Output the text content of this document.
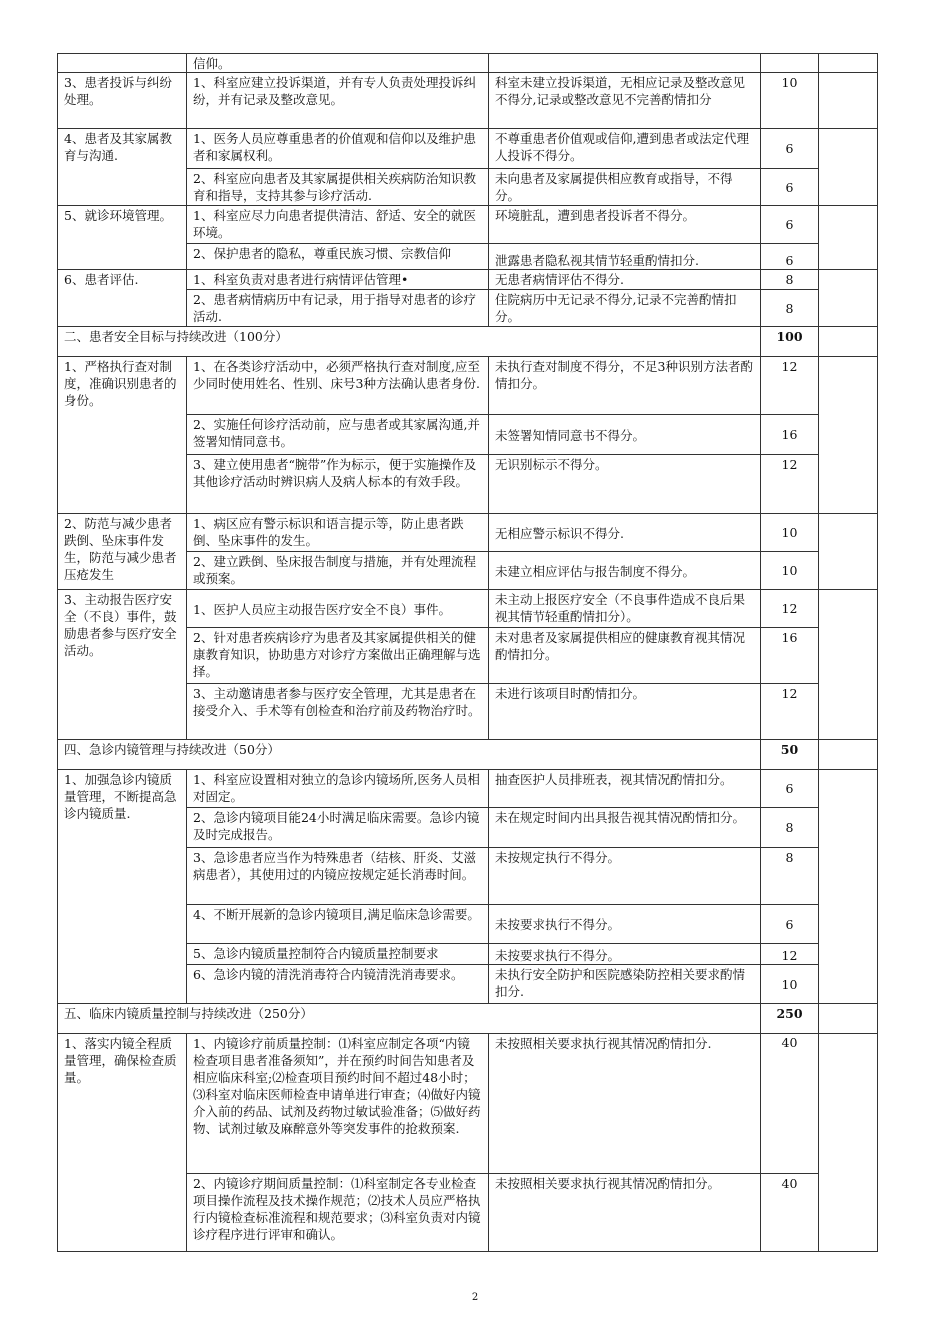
	信仰。			
3、患者投诉与纠纷处理。	1、科室应建立投诉渠道，并有专人负责处理投诉纠纷，并有记录及整改意见。	科室未建立投诉渠道，无相应记录及整改意见不得分,记录或整改意见不完善酌情扣分	10	
4、患者及其家属教育与沟通.	1、医务人员应尊重患者的价值观和信仰以及维护患者和家属权利。	不尊重患者价值观或信仰,遭到患者或法定代理人投诉不得分。	6	
	2、科室应向患者及其家属提供相关疾病防治知识教育和指导，支持其参与诊疗活动.	未向患者及家属提供相应教育或指导，不得分。	6	
5、就诊环境管理。	1、科室应尽力向患者提供清洁、舒适、安全的就医环境。	环境脏乱，遭到患者投诉者不得分。	6	
	2、保护患者的隐私，尊重民族习惯、宗教信仰	泄露患者隐私视其情节轻重酌情扣分.	6	
6、患者评估.	1、科室负责对患者进行病情评估管理•	无患者病情评估不得分.	8	
	2、患者病情病历中有记录，用于指导对患者的诊疗活动.	住院病历中无记录不得分,记录不完善酌情扣分。	8	
二、患者安全目标与持续改进（100分）			100	
1、严格执行查对制度，准确识别患者的身份。	1、在各类诊疗活动中，必须严格执行查对制度,应至少同时使用姓名、性别、床号3种方法确认患者身份.	未执行查对制度不得分，不足3种识别方法者酌情扣分。	12	
	2、实施任何诊疗活动前，应与患者或其家属沟通,并签署知情同意书。	未签署知情同意书不得分。	16	
	3、建立使用患者“腕带”作为标示，便于实施操作及其他诊疗活动时辨识病人及病人标本的有效手段。	无识别标示不得分。	12	
2、防范与减少患者跌倒、坠床事件发生，防范与减少患者压疮发生	1、病区应有警示标识和语言提示等，防止患者跌倒、坠床事件的发生。	无相应警示标识不得分.	10	
	2、建立跌倒、坠床报告制度与措施，并有处理流程或预案。	未建立相应评估与报告制度不得分。	10	
3、主动报告医疗安全（不良）事件，鼓励患者参与医疗安全活动。	1、医护人员应主动报告医疗安全不良）事件。	未主动上报医疗安全（不良事件造成不良后果视其情节轻重酌情扣分）。	12	
	2、针对患者疾病诊疗为患者及其家属提供相关的健康教育知识，协助患方对诊疗方案做出正确理解与选择。	未对患者及家属提供相应的健康教育视其情况酌情扣分。	16	
	3、主动邀请患者参与医疗安全管理，尤其是患者在接受介入、手术等有创检查和治疗前及药物治疗时。	未进行该项目时酌情扣分。	12	
四、急诊内镜管理与持续改进（50分）			50	
1、加强急诊内镜质量管理，不断提高急诊内镜质量.	1、科室应设置相对独立的急诊内镜场所,医务人员相对固定。	抽查医护人员排班表，视其情况酌情扣分。	6	
	2、急诊内镜项目能24小时满足临床需要。急诊内镜及时完成报告。	未在规定时间内出具报告视其情况酌情扣分。	8	
	3、急诊患者应当作为特殊患者（结核、肝炎、艾滋病患者），其使用过的内镜应按规定延长消毒时间。	未按规定执行不得分。	8	
	4、不断开展新的急诊内镜项目,满足临床急诊需要。	未按要求执行不得分。	6	
	5、急诊内镜质量控制符合内镜质量控制要求	未按要求执行不得分。	12	
	6、急诊内镜的清洗消毒符合内镜清洗消毒要求。	未执行安全防护和医院感染防控相关要求酌情扣分.	10	
五、临床内镜质量控制与持续改进（250分）			250	
1、落实内镜全程质量管理，确保检查质量。	1、内镜诊疗前质量控制：⑴科室应制定各项“内镜检查项目患者准备须知”，并在预约时间告知患者及相应临床科室;⑵检查项目预约时间不超过48小时；⑶科室对临床医师检查申请单进行审查；⑷做好内镜介入前的药品、试剂及药物过敏试验准备；⑸做好药物、试剂过敏及麻醉意外等突发事件的抢救预案.	未按照相关要求执行视其情况酌情扣分.	40	
	2、内镜诊疗期间质量控制：⑴科室制定各专业检查项目操作流程及技术操作规范；⑵技术人员应严格执行内镜检查标准流程和规范要求；⑶科室负责对内镜诊疗程序进行评审和确认。	未按照相关要求执行视其情况酌情扣分。	40	
2
